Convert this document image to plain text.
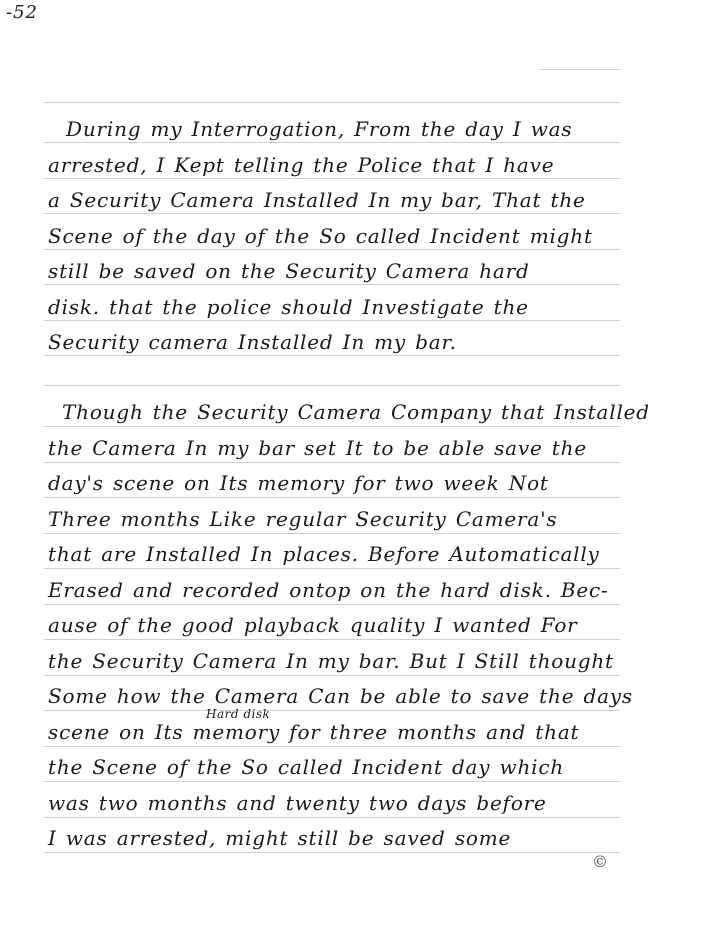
-52
During my Interrogation, From the day I was
arrested, I Kept telling the Police that I have
a Security Camera Installed In my bar, That the
Scene of the day of the So called Incident might
still be saved on the Security Camera hard
disk. that the police should Investigate the
Security camera Installed In my bar.
Though the Security Camera Company that Installed
the Camera In my bar set It to be able save the
day's scene on Its memory for two week Not
Three months Like regular Security Camera's
that are Installed In places. Before Automatically
Erased and recorded ontop on the hard disk. Bec-
ause of the good playback quality I wanted For
the Security Camera In my bar. But I Still thought
Some how the Camera Can be able to save the days
Hard disk
scene on Its memory for three months and that
the Scene of the So called Incident day which
was two months and twenty two days before
I was arrested, might still be saved some
©
